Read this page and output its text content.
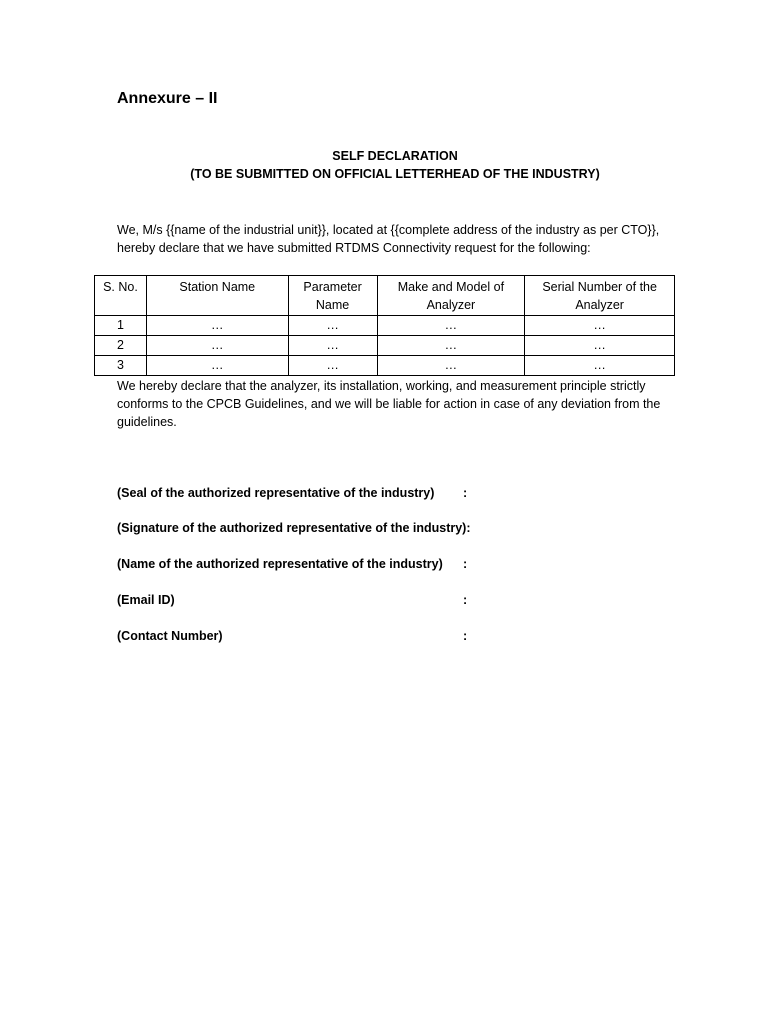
Annexure – II
SELF DECLARATION
(TO BE SUBMITTED ON OFFICIAL LETTERHEAD OF THE INDUSTRY)
We, M/s {{name of the industrial unit}}, located at {{complete address of the industry as per CTO}},
hereby declare that we have submitted RTDMS Connectivity request for the following:
S. No.	Station Name	Parameter Name	Make and Model of Analyzer	Serial Number of the Analyzer
1	…	…	…	…
2	…	…	…	…
3	…	…	…	…
We hereby declare that the analyzer, its installation, working, and measurement principle strictly
conforms to the CPCB Guidelines, and we will be liable for action in case of any deviation from the
guidelines.
(Seal of the authorized representative of the industry) :
(Signature of the authorized representative of the industry):
(Name of the authorized representative of the industry) :
(Email ID)	:
(Contact Number)	:
